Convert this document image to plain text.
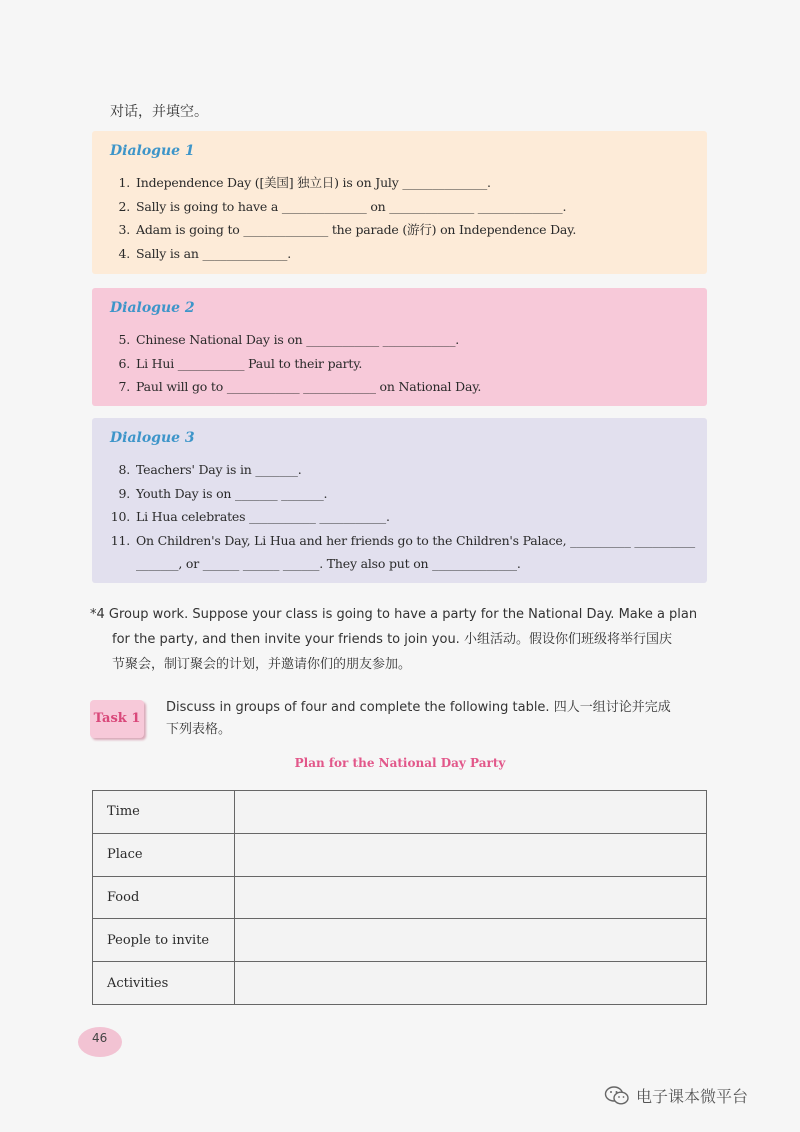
对话，并填空。
Dialogue 1
1. Independence Day ([美国] 独立日) is on July ______________.
2. Sally is going to have a ______________ on ______________ ______________.
3. Adam is going to ______________ the parade (游行) on Independence Day.
4. Sally is an ______________.
Dialogue 2
5. Chinese National Day is on ____________ ____________.
6. Li Hui ___________ Paul to their party.
7. Paul will go to ____________ ____________ on National Day.
Dialogue 3
8. Teachers' Day is in _______.
9. Youth Day is on _______ _______.
10. Li Hua celebrates ___________ ___________.
11. On Children's Day, Li Hua and her friends go to the Children's Palace, __________ __________
_______, or ______ ______ ______. They also put on ______________.
*4 Group work. Suppose your class is going to have a party for the National Day. Make a plan
for the party, and then invite your friends to join you. 小组活动。假设你们班级将举行国庆
节聚会，制订聚会的计划，并邀请你们的朋友参加。
Task 1
Discuss in groups of four and complete the following table. 四人一组讨论并完成
下列表格。
Plan for the National Day Party
Time	
Place	
Food	
People to invite	
Activities	
46
电子课本微平台
